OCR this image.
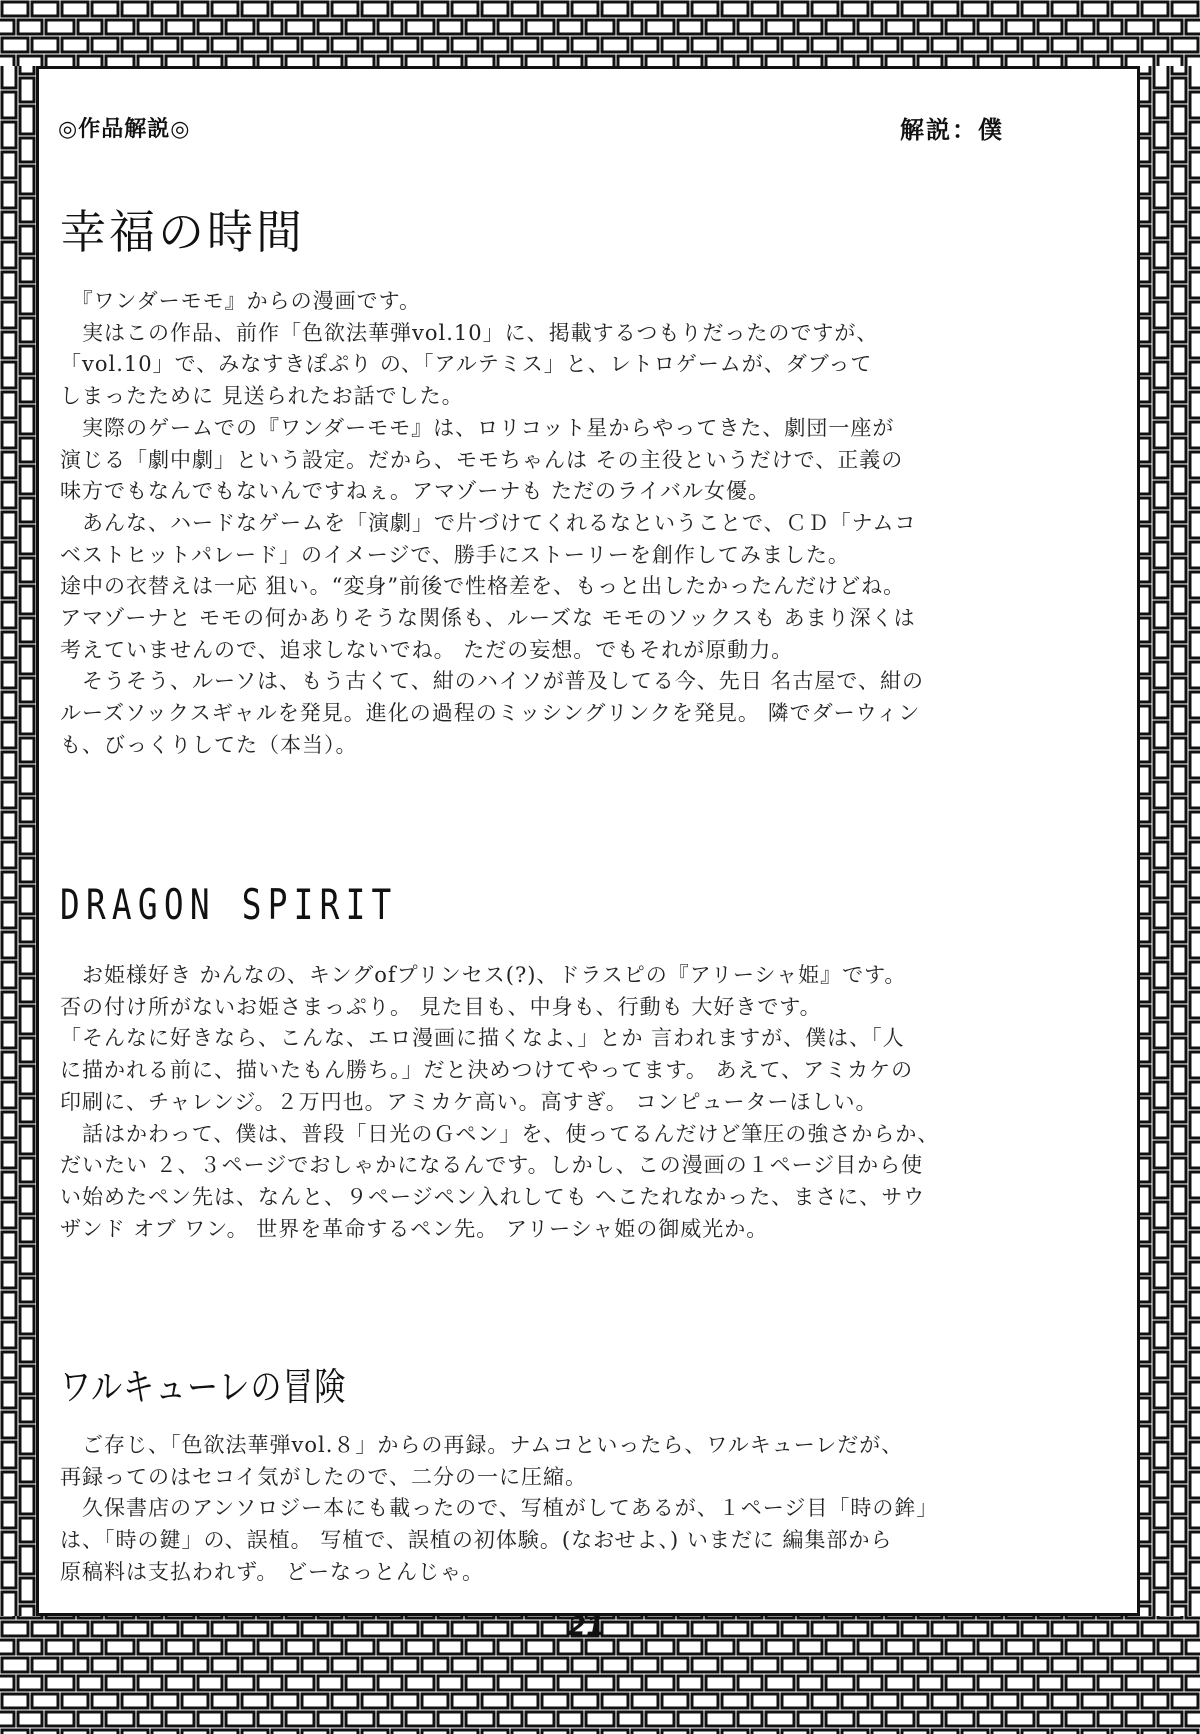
◎作品解説◎	解説：僕
幸福の時間

　『ワンダーモモ』からの漫画です。
　実はこの作品、前作「色欲法華弾vol.10」に、掲載するつもりだったのですが、
「vol.10」で、みなすきぽぷり の、「アルテミス」と、レトロゲームが、ダブって
しまったために 見送られたお話でした。
　実際のゲームでの『ワンダーモモ』は、ロリコット星からやってきた、劇団一座が
演じる「劇中劇」という設定。だから、モモちゃんは その主役というだけで、正義の
味方でもなんでもないんですねぇ。アマゾーナも ただのライバル女優。
　あんな、ハードなゲームを「演劇」で片づけてくれるなということで、ＣＤ「ナムコ
ベストヒットパレード」のイメージで、勝手にストーリーを創作してみました。
途中の衣替えは一応 狙い。“変身”前後で性格差を、もっと出したかったんだけどね。
アマゾーナと モモの何かありそうな関係も、ルーズな モモのソックスも あまり深くは
考えていませんので、追求しないでね。 ただの妄想。でもそれが原動力。
　そうそう、ルーソは、もう古くて、紺のハイソが普及してる今、先日 名古屋で、紺の
ルーズソックスギャルを発見。進化の過程のミッシングリンクを発見。 隣でダーウィン
も、びっくりしてた（本当）。

DRAGON SPIRIT

　お姫様好き かんなの、キングofプリンセス(?)、ドラスピの『アリーシャ姫』です。
否の付け所がないお姫さまっぷり。 見た目も、中身も、行動も 大好きです。
「そんなに好きなら、こんな、エロ漫画に描くなよ、」とか 言われますが、僕は、「人
に描かれる前に、描いたもん勝ち。」だと決めつけてやってます。 あえて、アミカケの
印刷に、チャレンジ。２万円也。アミカケ高い。高すぎ。 コンピューターほしい。
　話はかわって、僕は、普段「日光のＧペン」を、使ってるんだけど筆圧の強さからか、
だいたい ２、３ページでおしゃかになるんです。しかし、この漫画の１ページ目から使
い始めたペン先は、なんと、９ページペン入れしても へこたれなかった、まさに、サウ
ザンド オブ ワン。 世界を革命するペン先。 アリーシャ姫の御威光か。

ワルキューレの冒険

　ご存じ、「色欲法華弾vol.８」からの再録。ナムコといったら、ワルキューレだが、
再録ってのはセコイ気がしたので、二分の一に圧縮。
　久保書店のアンソロジー本にも載ったので、写植がしてあるが、１ページ目「時の鉾」
は、「時の鍵」の、誤植。 写植で、誤植の初体験。(なおせよ、) いまだに 編集部から
原稿料は支払われず。 どーなっとんじゃ。

21
